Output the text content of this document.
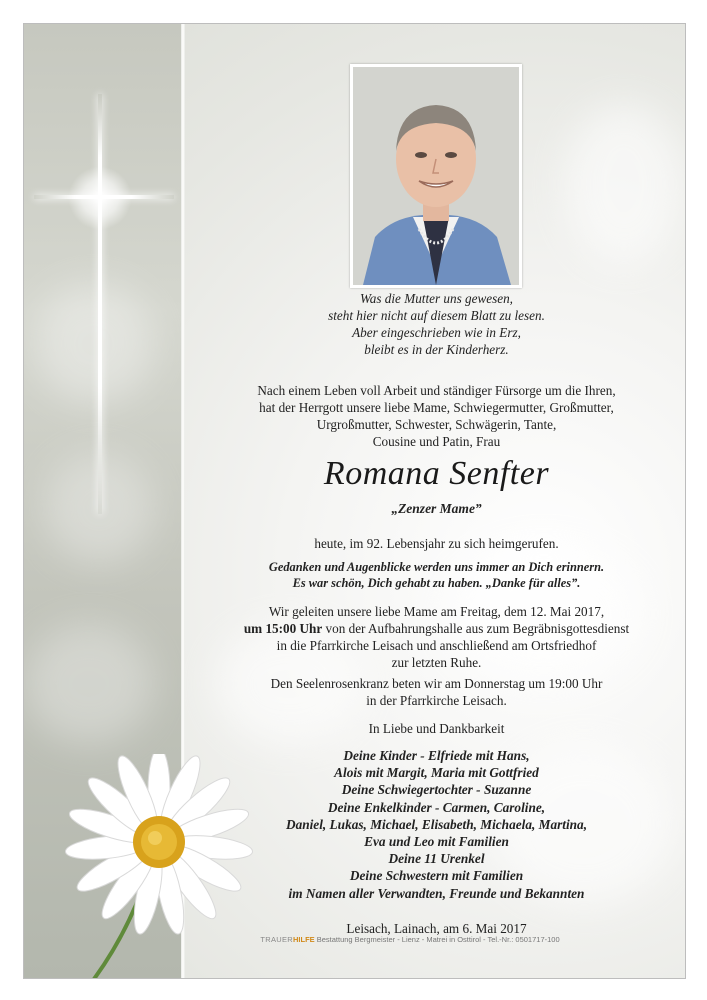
Was die Mutter uns gewesen,

steht hier nicht auf diesem Blatt zu lesen.

Aber eingeschrieben wie in Erz,

bleibt es in der Kinderherz.

Nach einem Leben voll Arbeit und ständiger Fürsorge um die Ihren,

hat der Herrgott unsere liebe Mame, Schwiegermutter, Großmutter,

Urgroßmutter, Schwester, Schwägerin, Tante,

Cousine und Patin, Frau

Romana Senfter
„Zenzer Mame”
heute, im 92. Lebensjahr zu sich heimgerufen.

Gedanken und Augenblicke werden uns immer an Dich erinnern.

Es war schön, Dich gehabt zu haben. „Danke für alles”.

Wir geleiten unsere liebe Mame am Freitag, dem 12. Mai 2017,

um 15:00 Uhr von der Aufbahrungshalle aus zum Begräbnisgottesdienst

in die Pfarrkirche Leisach und anschließend am Ortsfriedhof

zur letzten Ruhe.

Den Seelenrosenkranz beten wir am Donnerstag um 19:00 Uhr

in der Pfarrkirche Leisach.

In Liebe und Dankbarkeit

Deine Kinder - Elfriede mit Hans,

Alois mit Margit, Maria mit Gottfried

Deine Schwiegertochter - Suzanne

Deine Enkelkinder - Carmen, Caroline,

Daniel, Lukas, Michael, Elisabeth, Michaela, Martina,

Eva und Leo mit Familien

Deine 11 Urenkel

Deine Schwestern mit Familien

im Namen aller Verwandten, Freunde und Bekannten

Leisach, Lainach, am 6. Mai 2017
TRAUERHILFE Bestattung Bergmeister - Lienz - Matrei in Osttirol - Tel.-Nr.: 0501717-100
